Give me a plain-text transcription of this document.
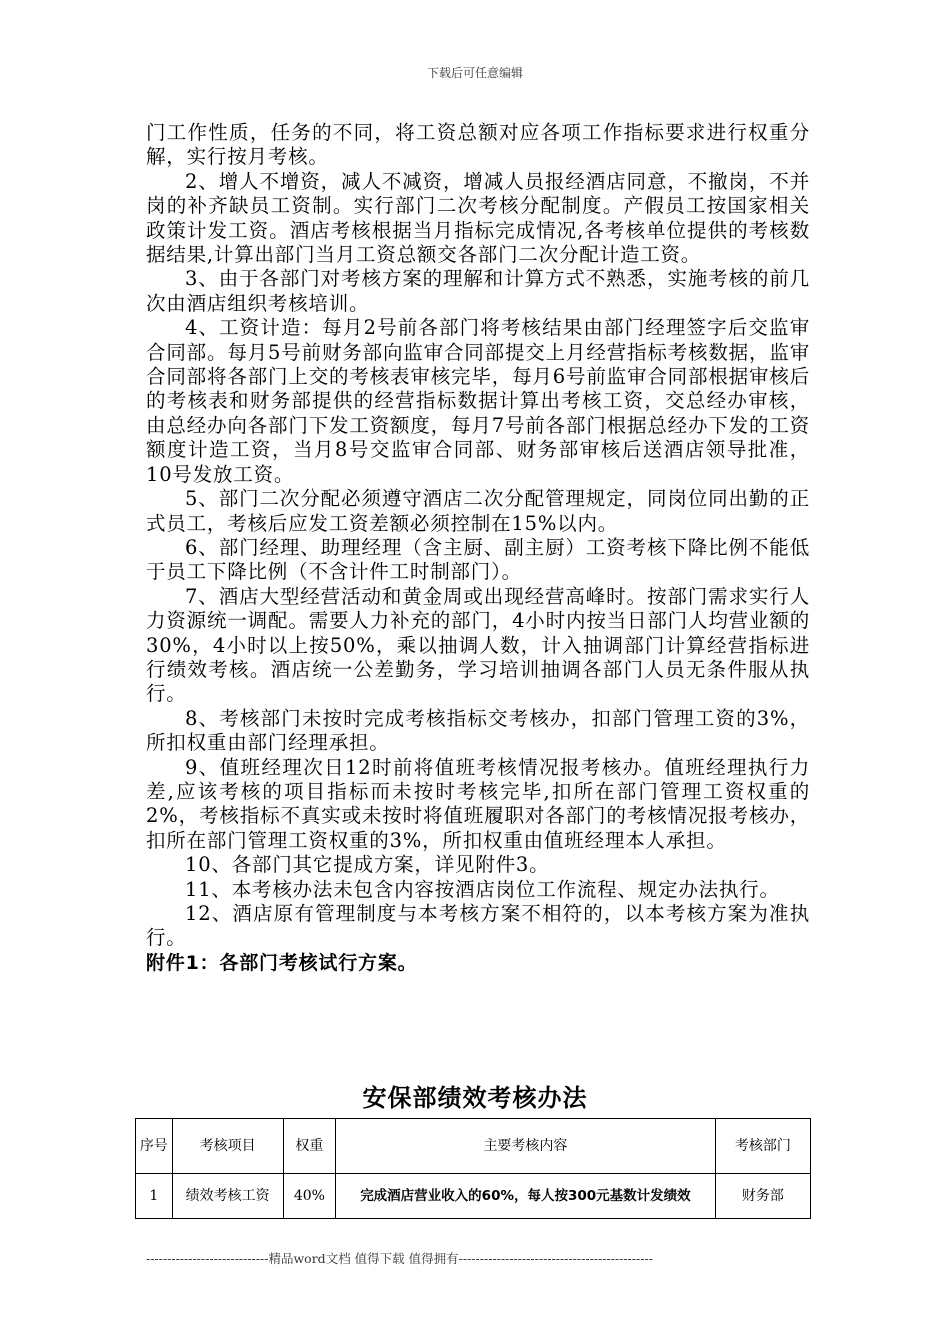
下载后可任意编辑

门工作性质，任务的不同，将工资总额对应各项工作指标要求进行权重分解，实行按月考核。

2、增人不增资，减人不减资，增减人员报经酒店同意，不撤岗，不并岗的补齐缺员工资制。实行部门二次考核分配制度。产假员工按国家相关政策计发工资。酒店考核根据当月指标完成情况,各考核单位提供的考核数据结果,计算出部门当月工资总额交各部门二次分配计造工资。

3、由于各部门对考核方案的理解和计算方式不熟悉，实施考核的前几次由酒店组织考核培训。

4、工资计造：每月2号前各部门将考核结果由部门经理签字后交监审合同部。每月5号前财务部向监审合同部提交上月经营指标考核数据，监审合同部将各部门上交的考核表审核完毕，每月6号前监审合同部根据审核后的考核表和财务部提供的经营指标数据计算出考核工资，交总经办审核，由总经办向各部门下发工资额度，每月7号前各部门根据总经办下发的工资额度计造工资，当月8号交监审合同部、财务部审核后送酒店领导批准，10号发放工资。

5、部门二次分配必须遵守酒店二次分配管理规定，同岗位同出勤的正式员工，考核后应发工资差额必须控制在15%以内。

6、部门经理、助理经理（含主厨、副主厨）工资考核下降比例不能低于员工下降比例（不含计件工时制部门）。

7、酒店大型经营活动和黄金周或出现经营高峰时。按部门需求实行人力资源统一调配。需要人力补充的部门，4小时内按当日部门人均营业额的30%，4小时以上按50%，乘以抽调人数，计入抽调部门计算经营指标进行绩效考核。酒店统一公差勤务，学习培训抽调各部门人员无条件服从执行。

8、考核部门未按时完成考核指标交考核办，扣部门管理工资的3%，所扣权重由部门经理承担。

9、值班经理次日12时前将值班考核情况报考核办。值班经理执行力差,应该考核的项目指标而未按时考核完毕,扣所在部门管理工资权重的2%，考核指标不真实或未按时将值班履职对各部门的考核情况报考核办，扣所在部门管理工资权重的3%，所扣权重由值班经理本人承担。

10、各部门其它提成方案，详见附件3。

11、本考核办法未包含内容按酒店岗位工作流程、规定办法执行。

12、酒店原有管理制度与本考核方案不相符的，以本考核方案为准执行。

附件1：各部门考核试行方案。

安保部绩效考核办法
序号	考核项目	权重	主要考核内容	考核部门
1	绩效考核工资	40%	完成酒店营业收入的60%，每人按300元基数计发绩效	财务部
-----------------------------精品word文档 值得下载 值得拥有----------------------------------------------
